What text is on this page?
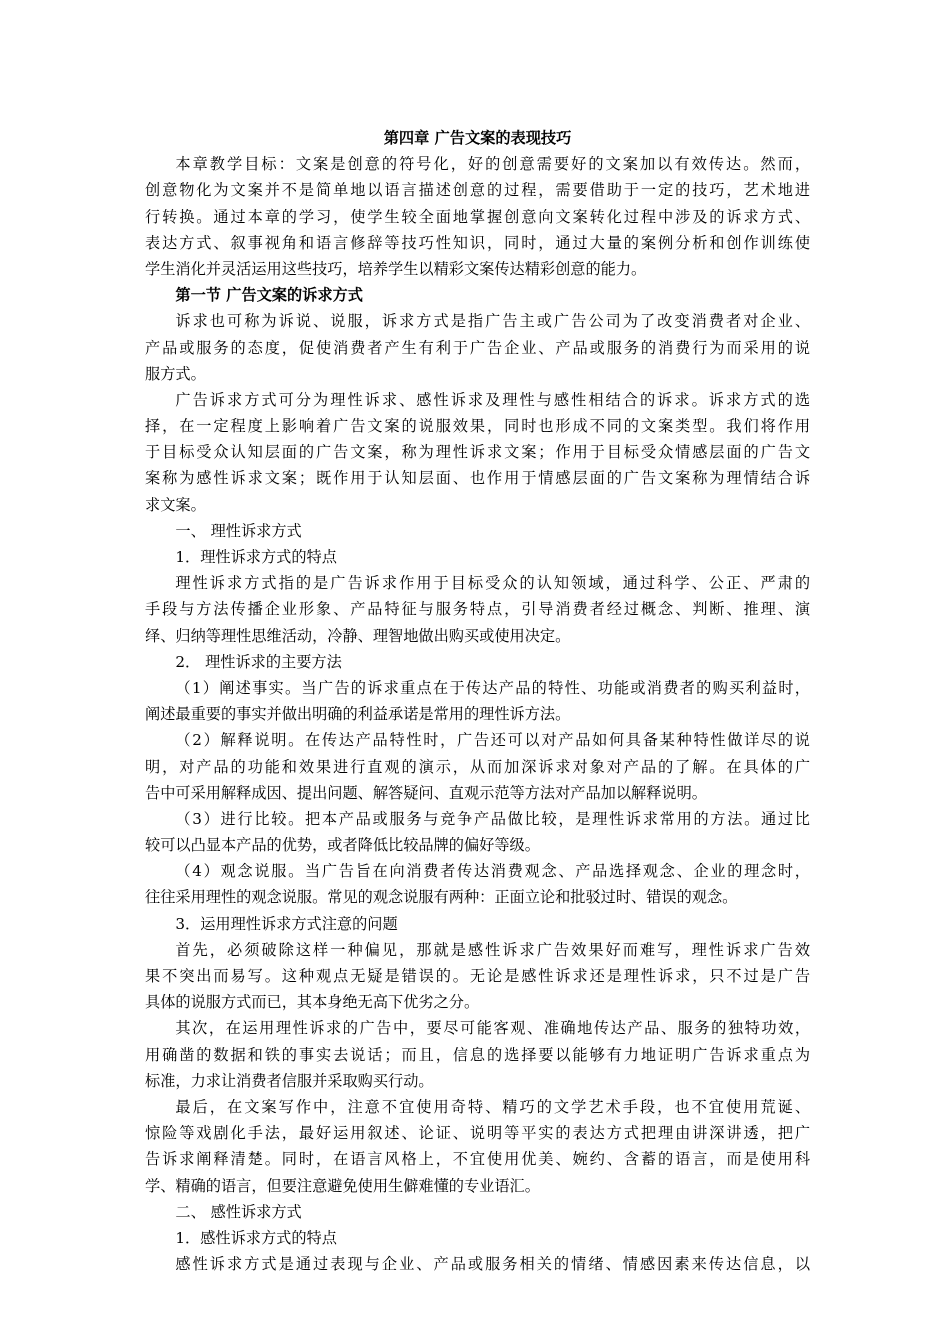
第四章 广告文案的表现技巧
本章教学目标：文案是创意的符号化，好的创意需要好的文案加以有效传达。然而，
创意物化为文案并不是简单地以语言描述创意的过程，需要借助于一定的技巧，艺术地进
行转换。通过本章的学习，使学生较全面地掌握创意向文案转化过程中涉及的诉求方式、
表达方式、叙事视角和语言修辞等技巧性知识，同时，通过大量的案例分析和创作训练使
学生消化并灵活运用这些技巧，培养学生以精彩文案传达精彩创意的能力。
第一节 广告文案的诉求方式
诉求也可称为诉说、说服，诉求方式是指广告主或广告公司为了改变消费者对企业、
产品或服务的态度，促使消费者产生有利于广告企业、产品或服务的消费行为而采用的说
服方式。
广告诉求方式可分为理性诉求、感性诉求及理性与感性相结合的诉求。诉求方式的选
择，在一定程度上影响着广告文案的说服效果，同时也形成不同的文案类型。我们将作用
于目标受众认知层面的广告文案，称为理性诉求文案；作用于目标受众情感层面的广告文
案称为感性诉求文案；既作用于认知层面、也作用于情感层面的广告文案称为理情结合诉
求文案。
一、 理性诉求方式
1．理性诉求方式的特点
理性诉求方式指的是广告诉求作用于目标受众的认知领域，通过科学、公正、严肃的
手段与方法传播企业形象、产品特征与服务特点，引导消费者经过概念、判断、推理、演
绎、归纳等理性思维活动，冷静、理智地做出购买或使用决定。
2． 理性诉求的主要方法
（1）阐述事实。当广告的诉求重点在于传达产品的特性、功能或消费者的购买利益时，
阐述最重要的事实并做出明确的利益承诺是常用的理性诉方法。
（2）解释说明。在传达产品特性时，广告还可以对产品如何具备某种特性做详尽的说
明，对产品的功能和效果进行直观的演示，从而加深诉求对象对产品的了解。在具体的广
告中可采用解释成因、提出问题、解答疑问、直观示范等方法对产品加以解释说明。
（3）进行比较。把本产品或服务与竞争产品做比较，是理性诉求常用的方法。通过比
较可以凸显本产品的优势，或者降低比较品牌的偏好等级。
（4）观念说服。当广告旨在向消费者传达消费观念、产品选择观念、企业的理念时，
往往采用理性的观念说服。常见的观念说服有两种：正面立论和批驳过时、错误的观念。
3．运用理性诉求方式注意的问题
首先，必须破除这样一种偏见，那就是感性诉求广告效果好而难写，理性诉求广告效
果不突出而易写。这种观点无疑是错误的。无论是感性诉求还是理性诉求，只不过是广告
具体的说服方式而已，其本身绝无高下优劣之分。
其次，在运用理性诉求的广告中，要尽可能客观、准确地传达产品、服务的独特功效，
用确凿的数据和铁的事实去说话；而且，信息的选择要以能够有力地证明广告诉求重点为
标准，力求让消费者信服并采取购买行动。
最后，在文案写作中，注意不宜使用奇特、精巧的文学艺术手段，也不宜使用荒诞、
惊险等戏剧化手法，最好运用叙述、论证、说明等平实的表达方式把理由讲深讲透，把广
告诉求阐释清楚。同时，在语言风格上，不宜使用优美、婉约、含蓄的语言，而是使用科
学、精确的语言，但要注意避免使用生僻难懂的专业语汇。
二、 感性诉求方式
1．感性诉求方式的特点
感性诉求方式是通过表现与企业、产品或服务相关的情绪、情感因素来传达信息，以
